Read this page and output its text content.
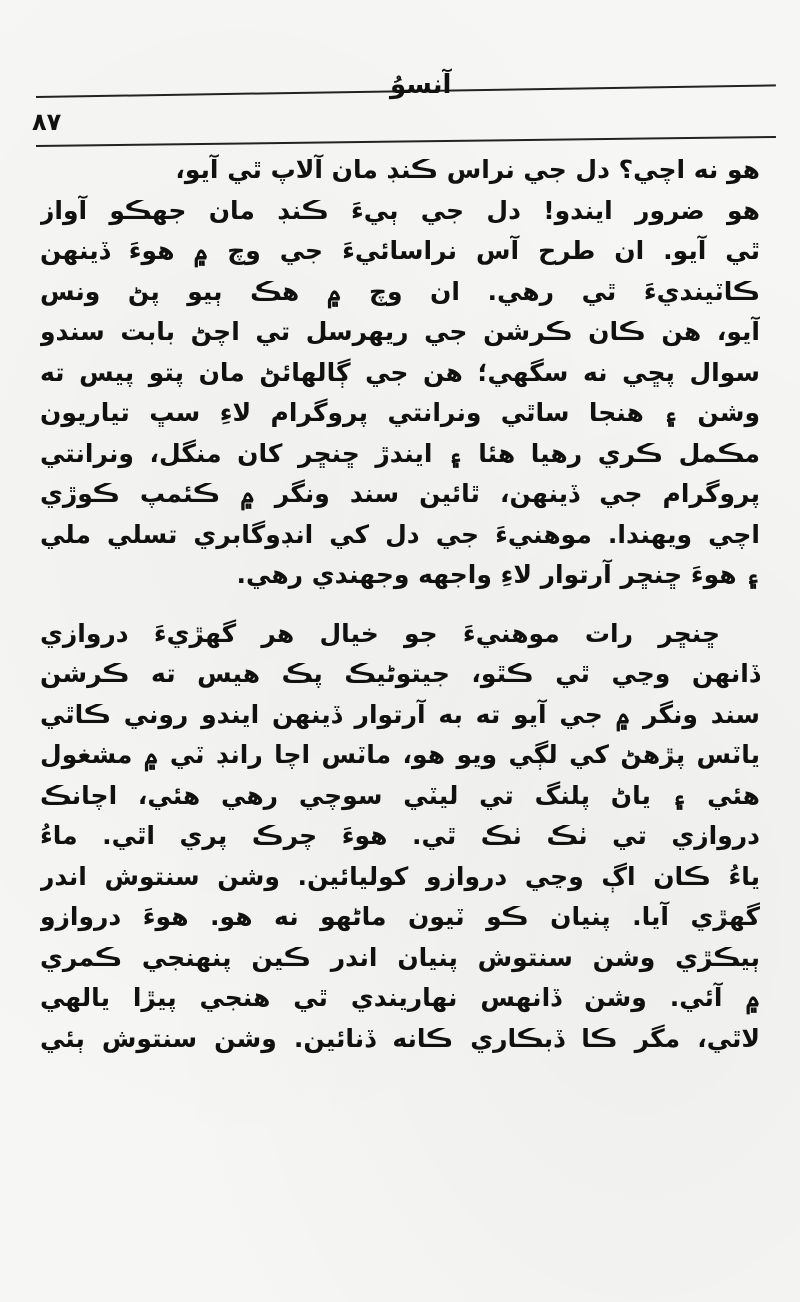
آنسوُ
٨٧
هو نه اچي؟ دل جي نراس ڪنڊ مان آلاپ ٿي آيو،
هو ضرور ايندو! دل جي ٻيءَ ڪنڊ مان جهڪو آواز
ٿي آيو. ان طرح آس نراسائيءَ جي وچ ۾ هوءَ ڏينهن
ڪاٽينديءَ ٿي رهي. ان وچ ۾ هڪ ٻيو پڻ ونس
آيو، هن ڪان ڪرشن جي ريهرسل تي اچڻ بابت سندو
سوال پڇي نه سگهي؛ هن جي ڳالهائڻ مان پتو پيس ته
وشن ۽ هنجا ساٿي ونرانتي پروگرام لاءِ سڀ تياريون
مڪمل ڪري رهيا هئا ۽ ايندڙ ڇنڇر کان منگل، ونرانتي
پروگرام جي ڏينهن، ٿائين سند ونگر ۾ ڪئمپ ڪوڙي
اچي ويهندا. موهنيءَ جي دل کي انڊوگابري تسلي ملي
۽ هوءَ ڇنڇر آرتوار لاءِ واجهه وجهندي رهي.
ڇنڇر رات موهنيءَ جو خيال هر گهڙيءَ دروازي
ڏانهن وڃي ٿي ڪٿو، جيتوڻيڪ پڪ هيس ته ڪرشن
سند ونگر ۾ جي آيو ته به آرتوار ڏينهن ايندو روني ڪاٿي
ياٽس پڙهڻ کي لڳي ويو هو، ماٽس اچا رانڊ ٽي ۾ مشغول
هئي ۽ ياڻ پلنگ تي ليٽي سوچي رهي هئي، اچانڪ
دروازي تي ٺڪ ٺڪ ٿي. هوءَ چرڪ پري اٿي. ماءُ
ياءُ ڪان اڳ وڃي دروازو کوليائين. وشن سنتوش اندر
گهڙي آيا. پنيان ڪو ٽيون ماڻهو نه هو. هوءَ دروازو
ٻيڪڙي وشن سنتوش پنيان اندر ڪين پنهنجي ڪمري
۾ آئي. وشن ڏانهس نهاريندي ٿي هنجي پيڙا يالهي
لاٿي، مگر ڪا ڏبڪاري ڪانه ڏنائين. وشن سنتوش ٻئي
